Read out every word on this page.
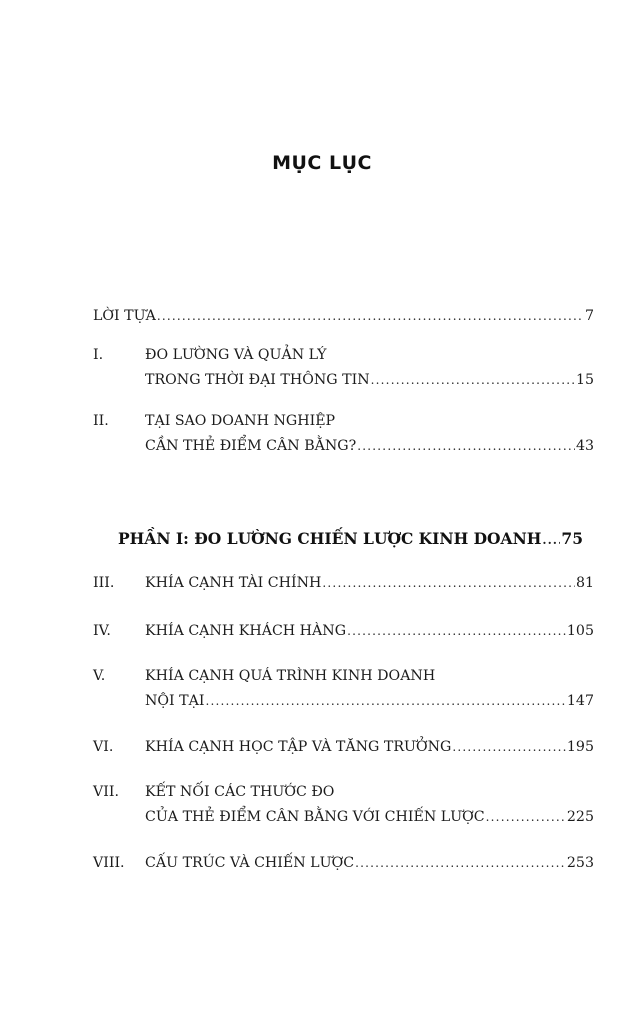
MỤC LỤC
LỜI TỰA .....	7
I.	ĐO LƯỜNG VÀ QUẢN LÝ
TRONG THỜI ĐẠI THÔNG TIN .....	15
II.	TẠI SAO DOANH NGHIỆP
CẦN THẺ ĐIỂM CÂN BẰNG? .....	43
PHẦN I: ĐO LƯỜNG CHIẾN LƯỢC KINH DOANH ..... 75
III.	KHÍA CẠNH TÀI CHÍNH .....	81
IV.	KHÍA CẠNH KHÁCH HÀNG .....	105
V.	KHÍA CẠNH QUÁ TRÌNH KINH DOANH
NỘI TẠI .....	147
VI.	KHÍA CẠNH HỌC TẬP VÀ TĂNG TRƯỞNG .....	195
VII.	KẾT NỐI CÁC THƯỚC ĐO
CỦA THẺ ĐIỂM CÂN BẰNG VỚI CHIẾN LƯỢC .....	225
VIII.	CẤU TRÚC VÀ CHIẾN LƯỢC .....	253
